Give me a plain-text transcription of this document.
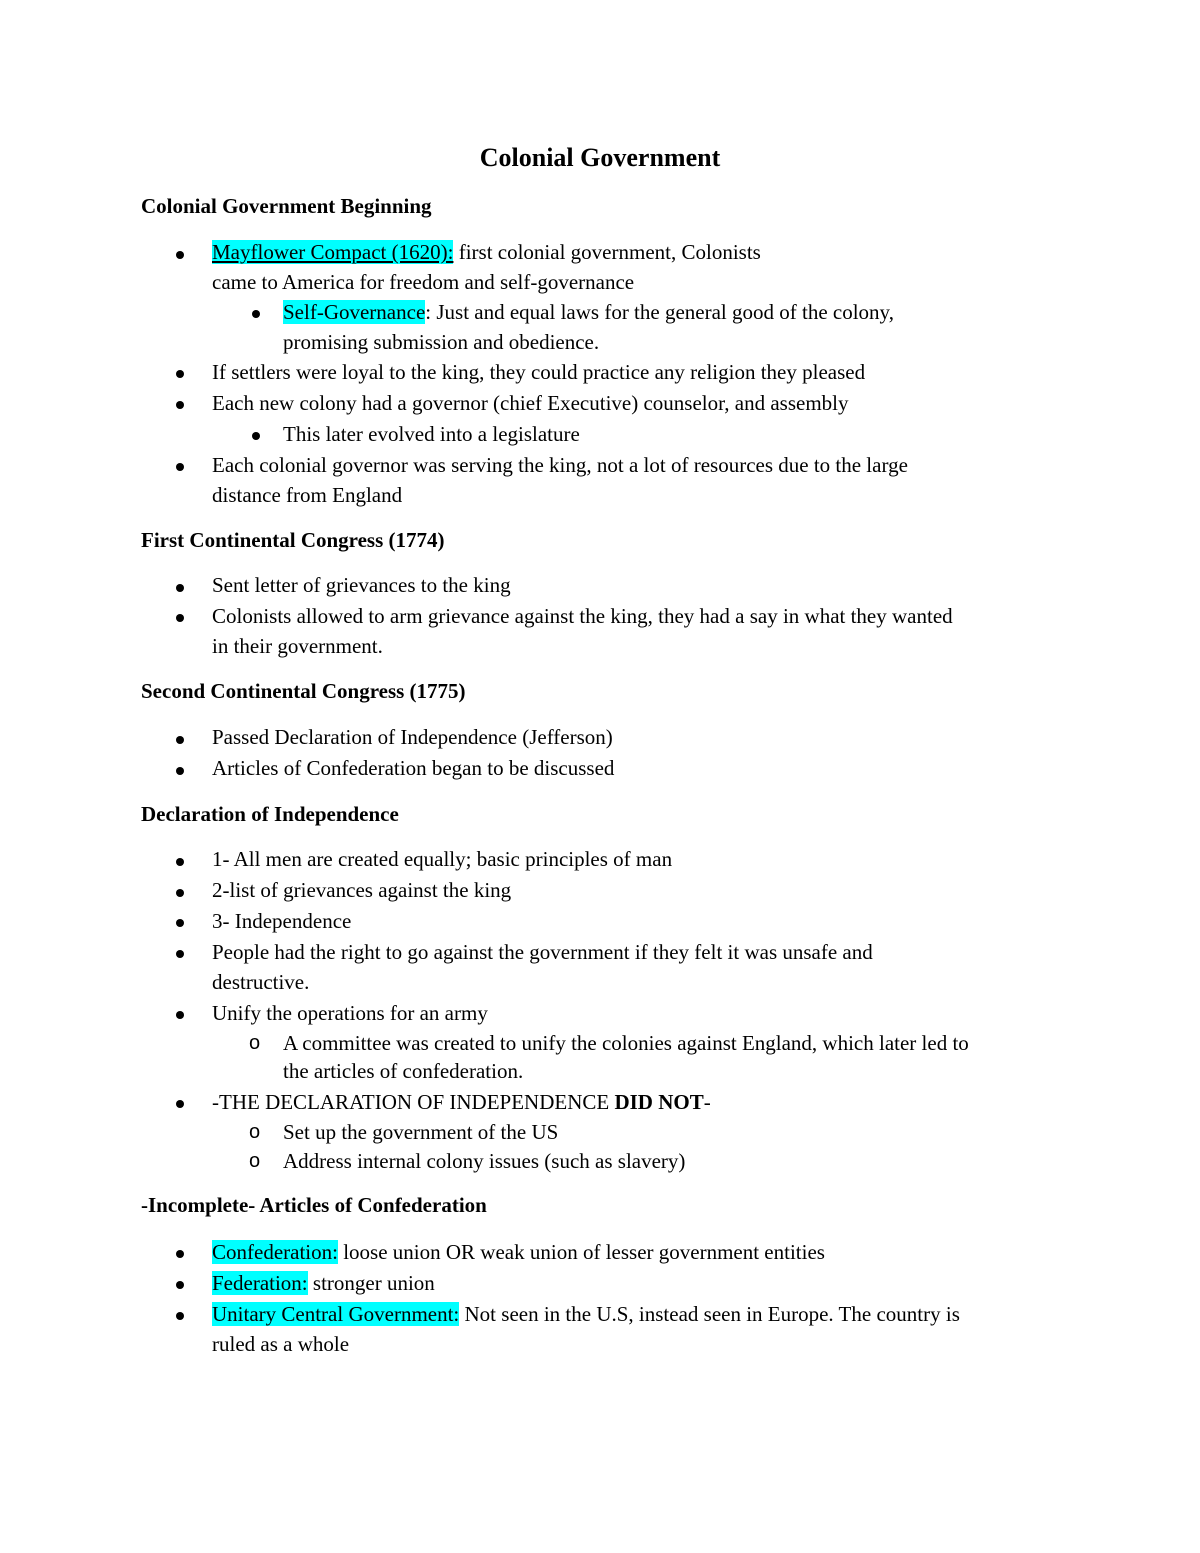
Colonial Government
Colonial Government Beginning
Mayflower Compact (1620): first colonial government, Colonists
came to America for freedom and self-governance
Self-Governance: Just and equal laws for the general good of the colony,
promising submission and obedience.
If settlers were loyal to the king, they could practice any religion they pleased
Each new colony had a governor (chief Executive) counselor, and assembly
This later evolved into a legislature
Each colonial governor was serving the king, not a lot of resources due to the large
distance from England
First Continental Congress (1774)
Sent letter of grievances to the king
Colonists allowed to arm grievance against the king, they had a say in what they wanted
in their government.
Second Continental Congress (1775)
Passed Declaration of Independence (Jefferson)
Articles of Confederation began to be discussed
Declaration of Independence
1- All men are created equally; basic principles of man
2-list of grievances against the king
3- Independence
People had the right to go against the government if they felt it was unsafe and
destructive.
Unify the operations for an army
o A committee was created to unify the colonies against England, which later led to
the articles of confederation.
-THE DECLARATION OF INDEPENDENCE DID NOT-
o Set up the government of the US
o Address internal colony issues (such as slavery)
-Incomplete- Articles of Confederation
Confederation: loose union OR weak union of lesser government entities
Federation: stronger union
Unitary Central Government: Not seen in the U.S, instead seen in Europe. The country is
ruled as a whole
